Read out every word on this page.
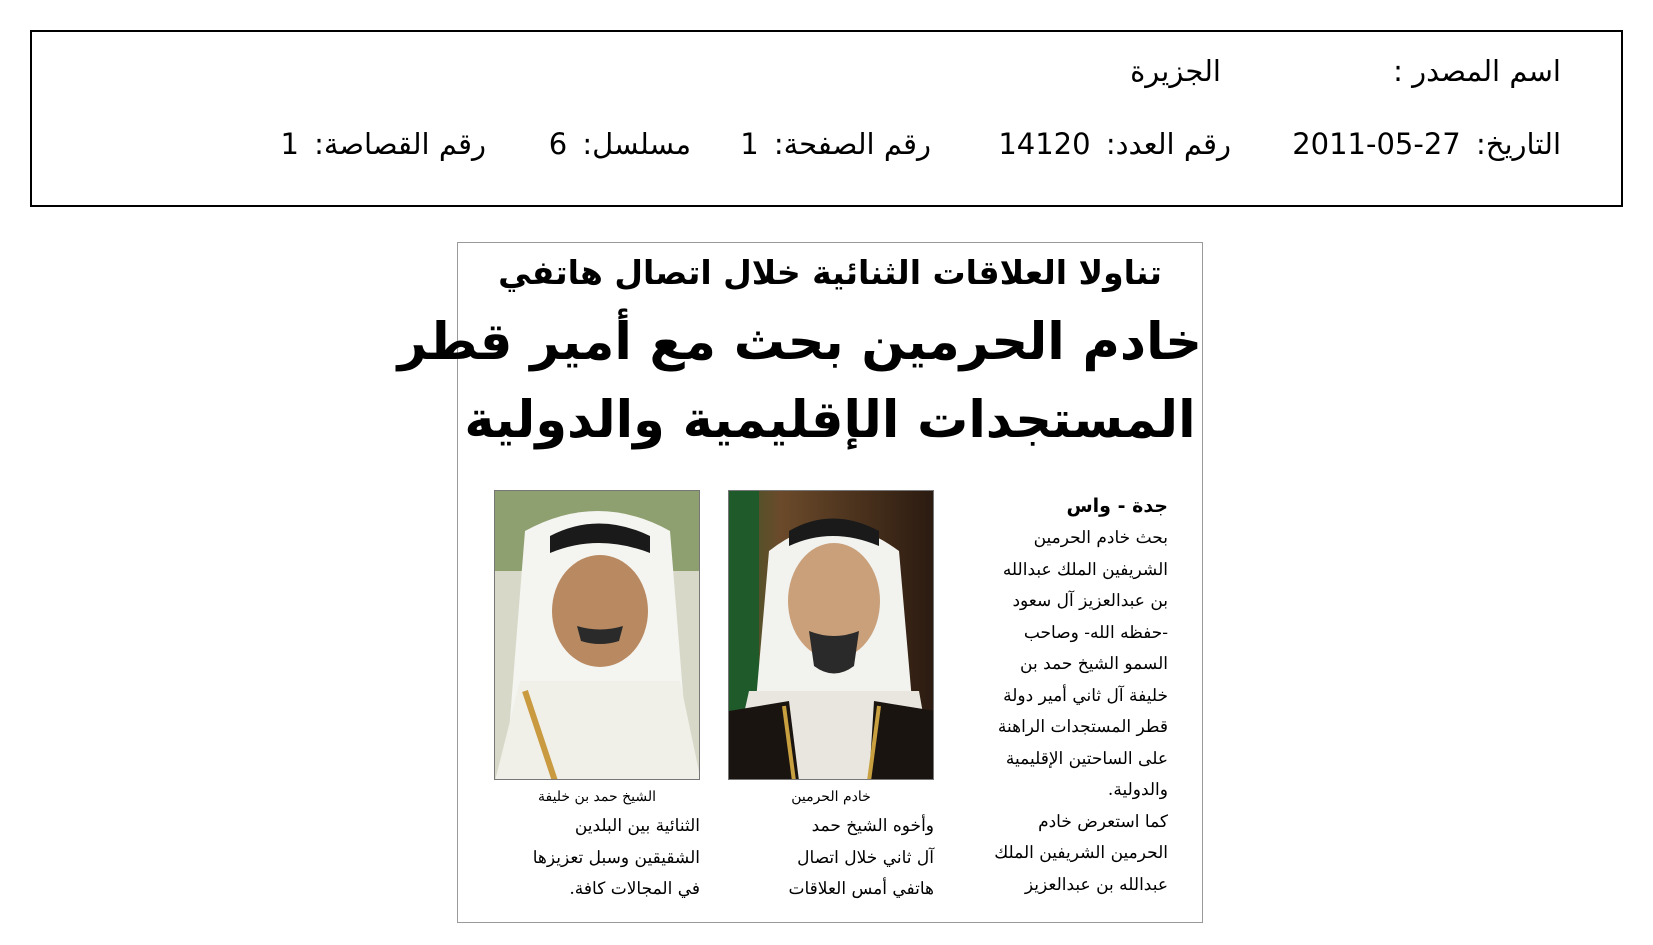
اسم المصدر :
الجزيرة
التاريخ: 2011-05-27
رقم العدد: 14120
رقم الصفحة: 1
مسلسل: 6
رقم القصاصة: 1
تناولا العلاقات الثنائية خلال اتصال هاتفي
خادم الحرمين بحث مع أمير قطر
المستجدات الإقليمية والدولية
جدة - واس
بحث خادم الحرمين
الشريفين الملك عبدالله
بن عبدالعزيز آل سعود
-حفظه الله- وصاحب
السمو الشيخ حمد بن
خليفة آل ثاني أمير دولة
قطر المستجدات الراهنة
على الساحتين الإقليمية
والدولية.
كما استعرض خادم
الحرمين الشريفين الملك
عبدالله بن عبدالعزيز
خادم الحرمين
الشيخ حمد بن خليفة
وأخوه الشيخ حمد
آل ثاني خلال اتصال
هاتفي أمس العلاقات
الثنائية بين البلدين
الشقيقين وسبل تعزيزها
في المجالات كافة.
